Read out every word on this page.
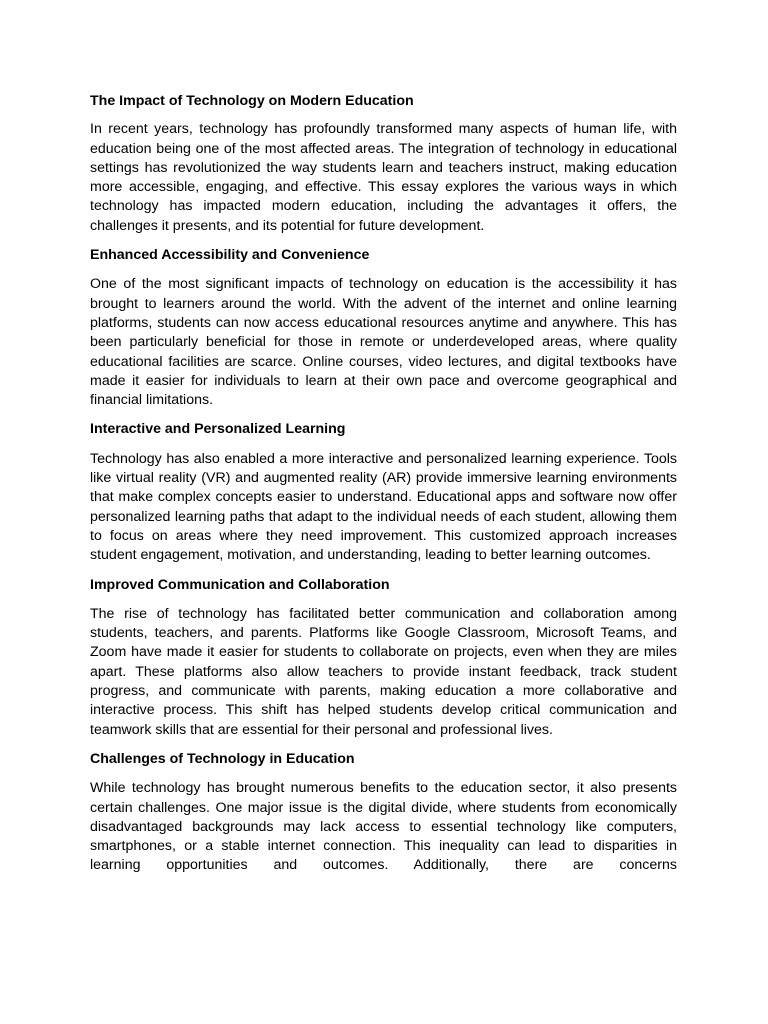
The Impact of Technology on Modern Education

In recent years, technology has profoundly transformed many aspects of human life, with education being one of the most affected areas. The integration of technology in educational settings has revolutionized the way students learn and teachers instruct, making education more accessible, engaging, and effective. This essay explores the various ways in which technology has impacted modern education, including the advantages it offers, the challenges it presents, and its potential for future development.

Enhanced Accessibility and Convenience

One of the most significant impacts of technology on education is the accessibility it has brought to learners around the world. With the advent of the internet and online learning platforms, students can now access educational resources anytime and anywhere. This has been particularly beneficial for those in remote or underdeveloped areas, where quality educational facilities are scarce. Online courses, video lectures, and digital textbooks have made it easier for individuals to learn at their own pace and overcome geographical and financial limitations.

Interactive and Personalized Learning

Technology has also enabled a more interactive and personalized learning experience. Tools like virtual reality (VR) and augmented reality (AR) provide immersive learning environments that make complex concepts easier to understand. Educational apps and software now offer personalized learning paths that adapt to the individual needs of each student, allowing them to focus on areas where they need improvement. This customized approach increases student engagement, motivation, and understanding, leading to better learning outcomes.

Improved Communication and Collaboration

The rise of technology has facilitated better communication and collaboration among students, teachers, and parents. Platforms like Google Classroom, Microsoft Teams, and Zoom have made it easier for students to collaborate on projects, even when they are miles apart. These platforms also allow teachers to provide instant feedback, track student progress, and communicate with parents, making education a more collaborative and interactive process. This shift has helped students develop critical communication and teamwork skills that are essential for their personal and professional lives.

Challenges of Technology in Education

While technology has brought numerous benefits to the education sector, it also presents certain challenges. One major issue is the digital divide, where students from economically disadvantaged backgrounds may lack access to essential technology like computers, smartphones, or a stable internet connection. This inequality can lead to disparities in learning opportunities and outcomes. Additionally, there are concerns
